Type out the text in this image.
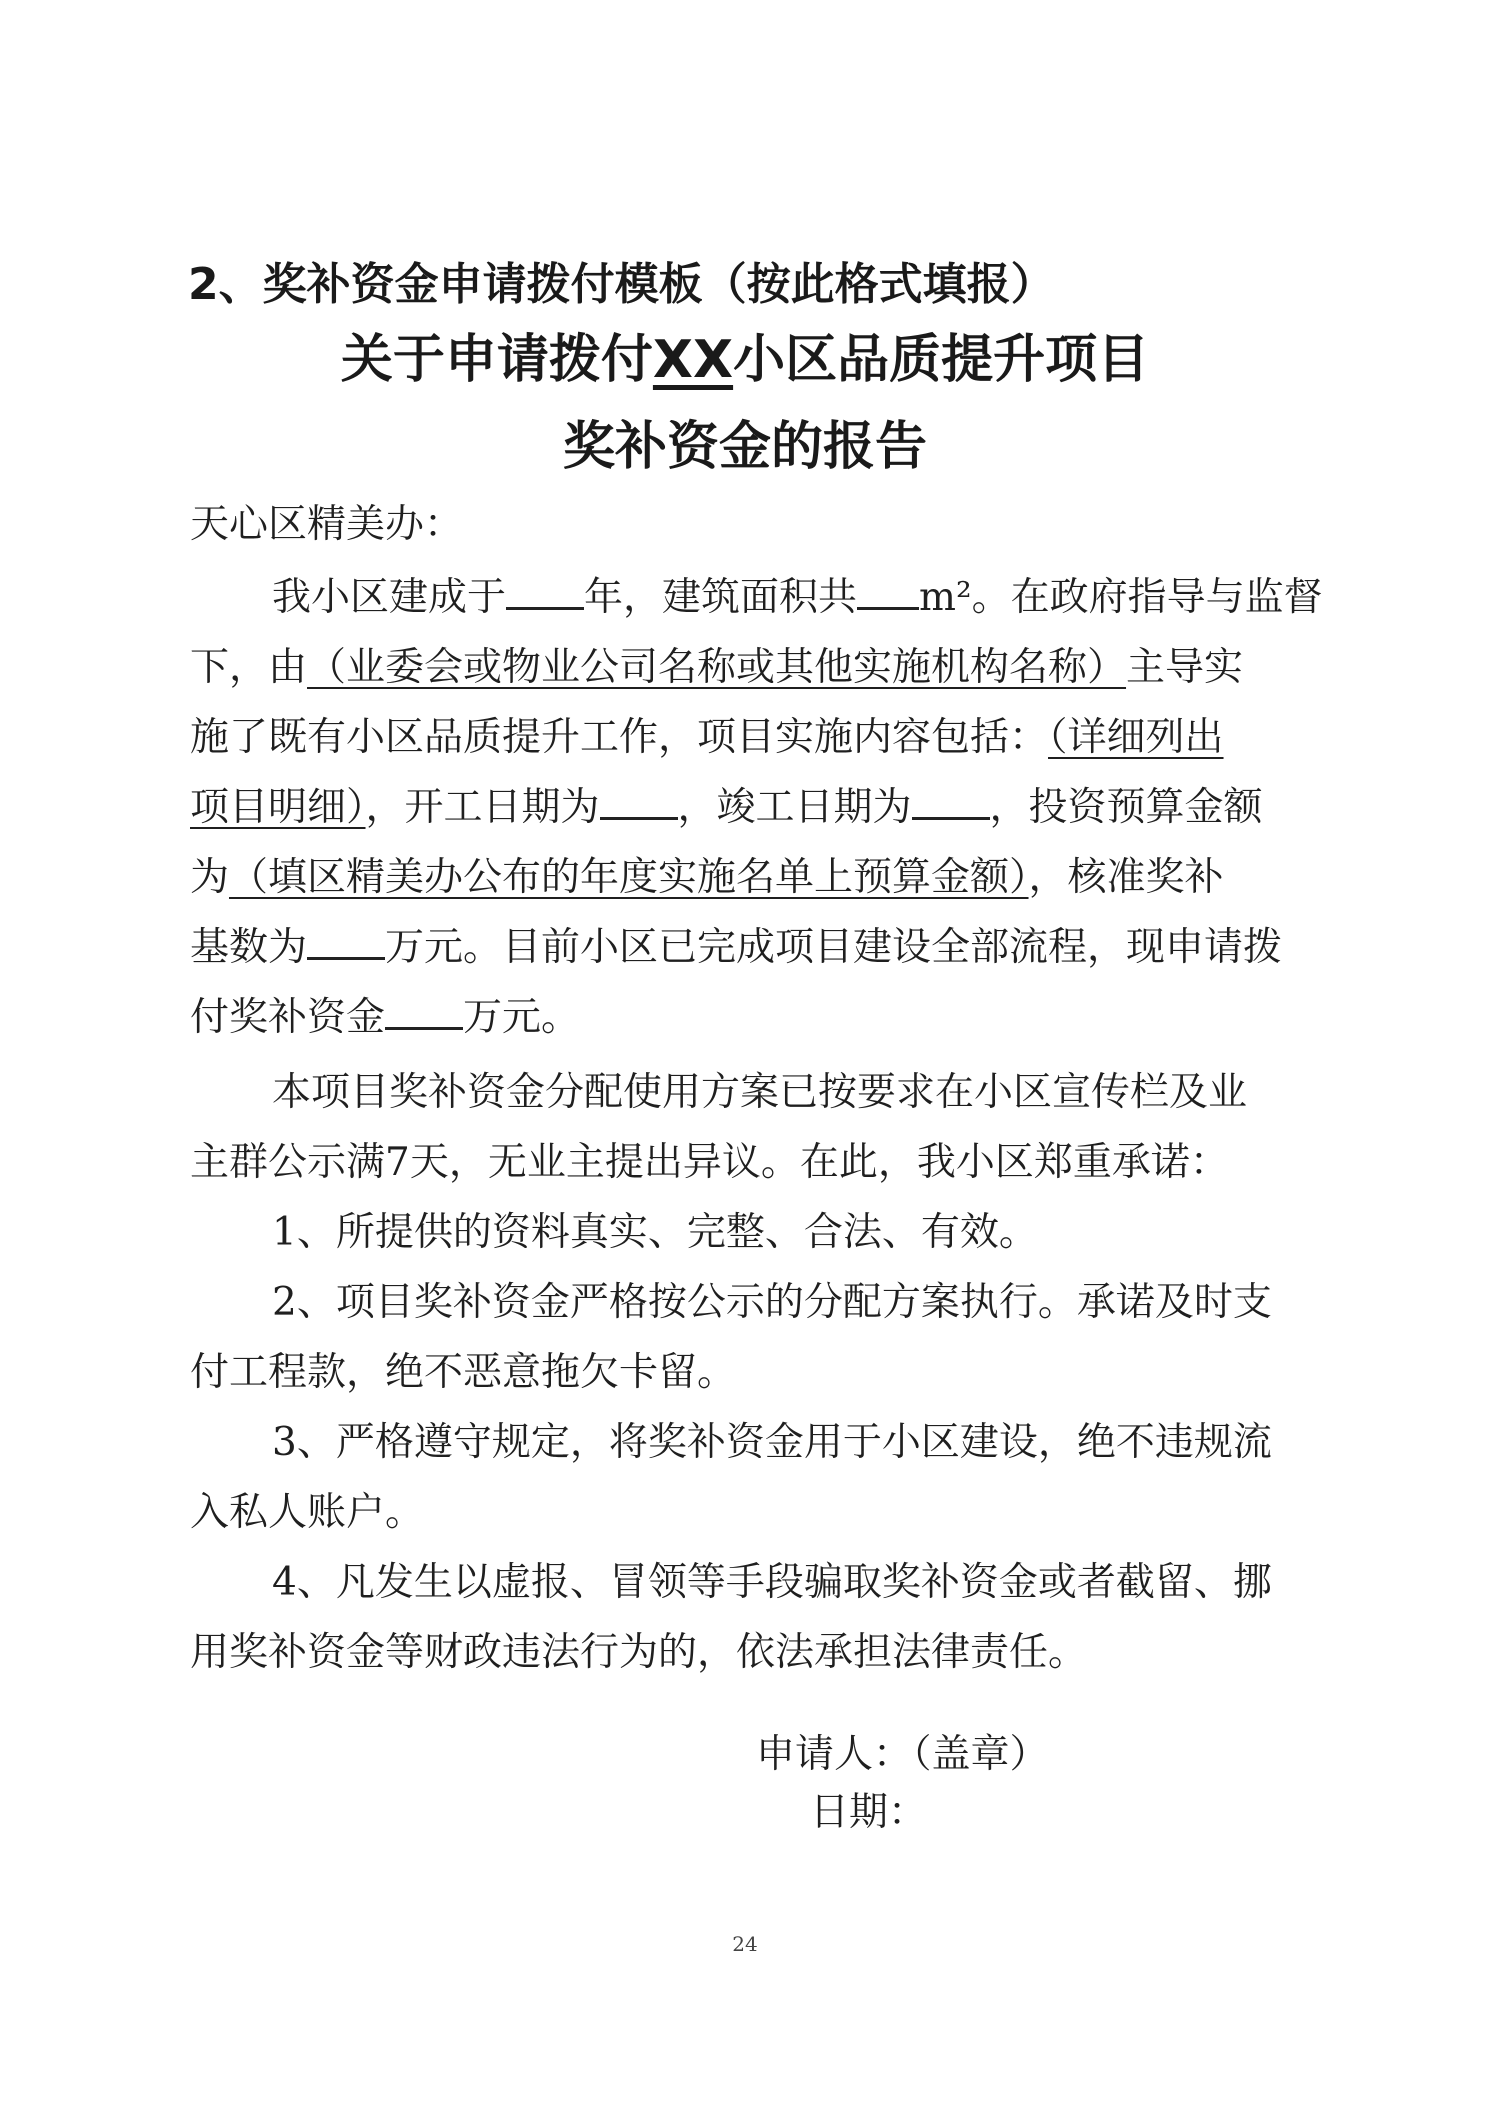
2、奖补资金申请拨付模板（按此格式填报）
关于申请拨付XX小区品质提升项目
奖补资金的报告
天心区精美办：
我小区建成于 年，建筑面积共 m²。在政府指导与监督
下，由（业委会或物业公司名称或其他实施机构名称）主导实
施了既有小区品质提升工作，项目实施内容包括：（详细列出
项目明细），开工日期为 ，竣工日期为 ，投资预算金额
为（填区精美办公布的年度实施名单上预算金额），核准奖补
基数为 万元。目前小区已完成项目建设全部流程，现申请拨
付奖补资金 万元。
本项目奖补资金分配使用方案已按要求在小区宣传栏及业
主群公示满7天，无业主提出异议。在此，我小区郑重承诺：
1、所提供的资料真实、完整、合法、有效。
2、项目奖补资金严格按公示的分配方案执行。承诺及时支
付工程款，绝不恶意拖欠卡留。
3、严格遵守规定，将奖补资金用于小区建设，绝不违规流
入私人账户。
4、凡发生以虚报、冒领等手段骗取奖补资金或者截留、挪
用奖补资金等财政违法行为的，依法承担法律责任。
申请人：（盖章）
日期：
24
